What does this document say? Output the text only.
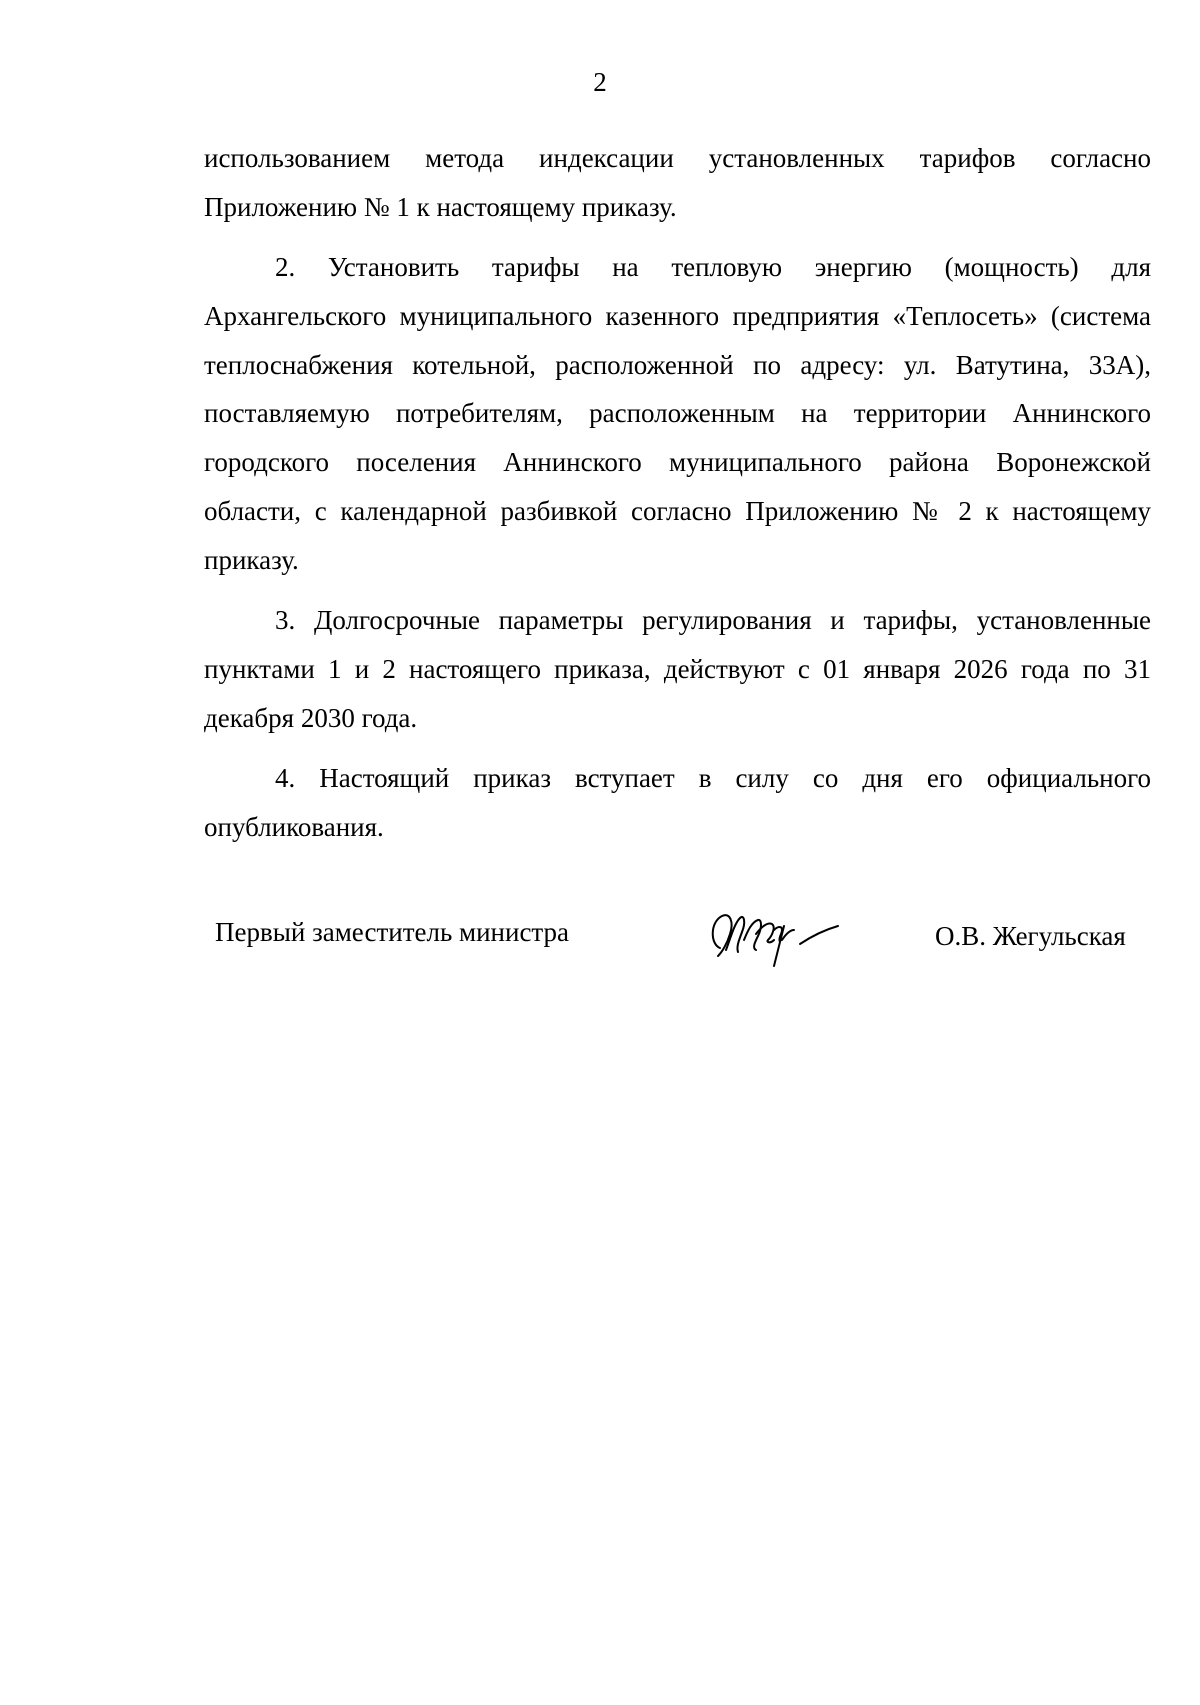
2

использованием метода индексации установленных тарифов согласно Приложению № 1 к настоящему приказу.

2. Установить тарифы на тепловую энергию (мощность) для Архангельского муниципального казенного предприятия «Теплосеть» (система теплоснабжения котельной, расположенной по адресу: ул. Ватутина, 33А), поставляемую потребителям, расположенным на территории Аннинского городского поселения Аннинского муниципального района Воронежской области, с календарной разбивкой согласно Приложению № 2 к настоящему приказу.

3. Долгосрочные параметры регулирования и тарифы, установленные пунктами 1 и 2 настоящего приказа, действуют с 01 января 2026 года по 31 декабря 2030 года.

4. Настоящий приказ вступает в силу со дня его официального опубликования.

Первый заместитель министра	О.В. Жегульская
